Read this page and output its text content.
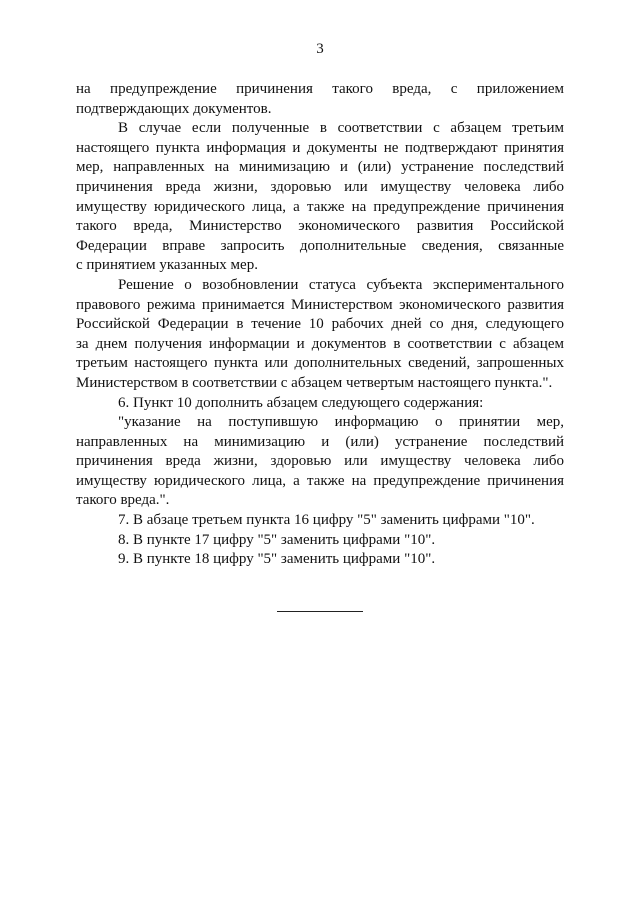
3
на предупреждение причинения такого вреда, с приложением
подтверждающих документов.
В случае если полученные в соответствии с абзацем третьим
настоящего пункта информация и документы не подтверждают принятия
мер, направленных на минимизацию и (или) устранение последствий
причинения вреда жизни, здоровью или имуществу человека либо
имуществу юридического лица, а также на предупреждение причинения
такого вреда, Министерство экономического развития Российской
Федерации вправе запросить дополнительные сведения, связанные
с принятием указанных мер.
Решение о возобновлении статуса субъекта экспериментального
правового режима принимается Министерством экономического развития
Российской Федерации в течение 10 рабочих дней со дня, следующего
за днем получения информации и документов в соответствии с абзацем
третьим настоящего пункта или дополнительных сведений, запрошенных
Министерством в соответствии с абзацем четвертым настоящего пункта.".
6. Пункт 10 дополнить абзацем следующего содержания:
"указание на поступившую информацию о принятии мер,
направленных на минимизацию и (или) устранение последствий
причинения вреда жизни, здоровью или имуществу человека либо
имуществу юридического лица, а также на предупреждение причинения
такого вреда.".
7. В абзаце третьем пункта 16 цифру "5" заменить цифрами "10".
8. В пункте 17 цифру "5" заменить цифрами "10".
9. В пункте 18 цифру "5" заменить цифрами "10".
